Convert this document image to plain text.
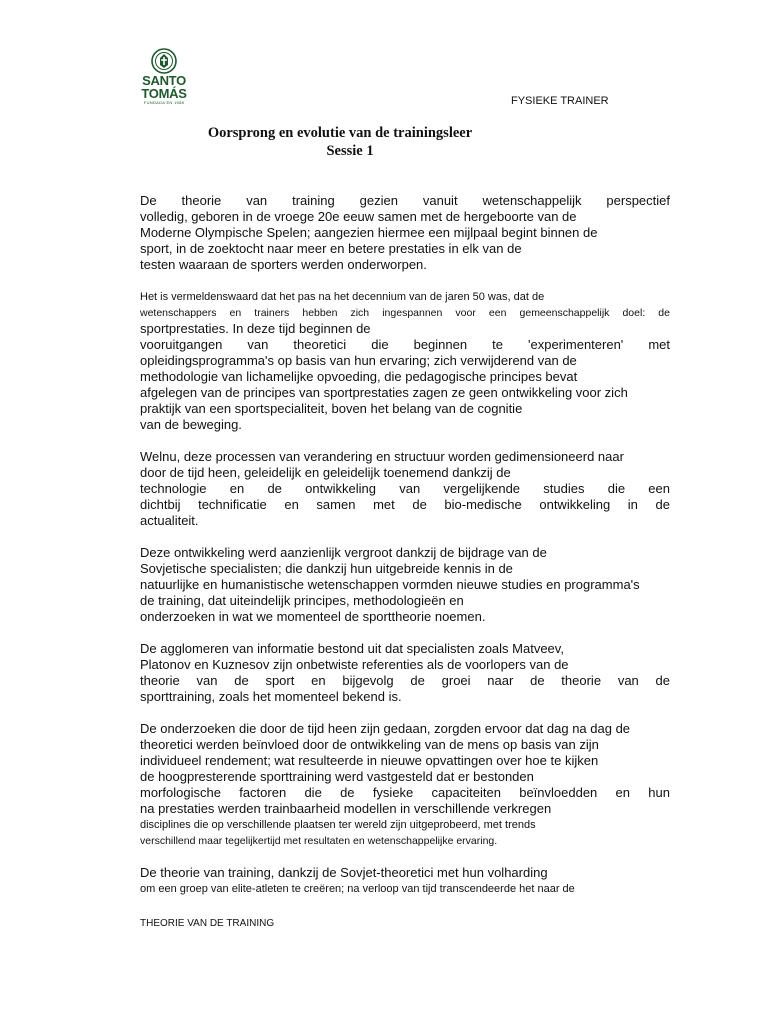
SANTO
TOMÁS
FUNDADA EN 1588	FYSIEKE TRAINER
Oorsprong en evolutie van de trainingsleer
Sessie 1

De theorie van training gezien vanuit wetenschappelijk perspectief
volledig, geboren in de vroege 20e eeuw samen met de hergeboorte van de
Moderne Olympische Spelen; aangezien hiermee een mijlpaal begint binnen de
sport, in de zoektocht naar meer en betere prestaties in elk van de
testen waaraan de sporters werden onderworpen.

Het is vermeldenswaard dat het pas na het decennium van de jaren 50 was, dat de
wetenschappers en trainers hebben zich ingespannen voor een gemeenschappelijk doel: de
sportprestaties. In deze tijd beginnen de
vooruitgangen van theoretici die beginnen te 'experimenteren' met
opleidingsprogramma's op basis van hun ervaring; zich verwijderend van de
methodologie van lichamelijke opvoeding, die pedagogische principes bevat
afgelegen van de principes van sportprestaties zagen ze geen ontwikkeling voor zich
praktijk van een sportspecialiteit, boven het belang van de cognitie
van de beweging.

Welnu, deze processen van verandering en structuur worden gedimensioneerd naar
door de tijd heen, geleidelijk en geleidelijk toenemend dankzij de
technologie en de ontwikkeling van vergelijkende studies die een
dichtbij technificatie en samen met de bio-medische ontwikkeling in de
actualiteit.

Deze ontwikkeling werd aanzienlijk vergroot dankzij de bijdrage van de
Sovjetische specialisten; die dankzij hun uitgebreide kennis in de
natuurlijke en humanistische wetenschappen vormden nieuwe studies en programma's
de training, dat uiteindelijk principes, methodologieën en
onderzoeken in wat we momenteel de sporttheorie noemen.

De agglomeren van informatie bestond uit dat specialisten zoals Matveev,
Platonov en Kuznesov zijn onbetwiste referenties als de voorlopers van de
theorie van de sport en bijgevolg de groei naar de theorie van de
sporttraining, zoals het momenteel bekend is.

De onderzoeken die door de tijd heen zijn gedaan, zorgden ervoor dat dag na dag de
theoretici werden beïnvloed door de ontwikkeling van de mens op basis van zijn
individueel rendement; wat resulteerde in nieuwe opvattingen over hoe te kijken
de hoogpresterende sporttraining werd vastgesteld dat er bestonden
morfologische factoren die de fysieke capaciteiten beïnvloedden en hun
na prestaties werden trainbaarheid modellen in verschillende verkregen
disciplines die op verschillende plaatsen ter wereld zijn uitgeprobeerd, met trends
verschillend maar tegelijkertijd met resultaten en wetenschappelijke ervaring.

De theorie van training, dankzij de Sovjet-theoretici met hun volharding
om een groep van elite-atleten te creëren; na verloop van tijd transcendeerde het naar de

THEORIE VAN DE TRAINING
